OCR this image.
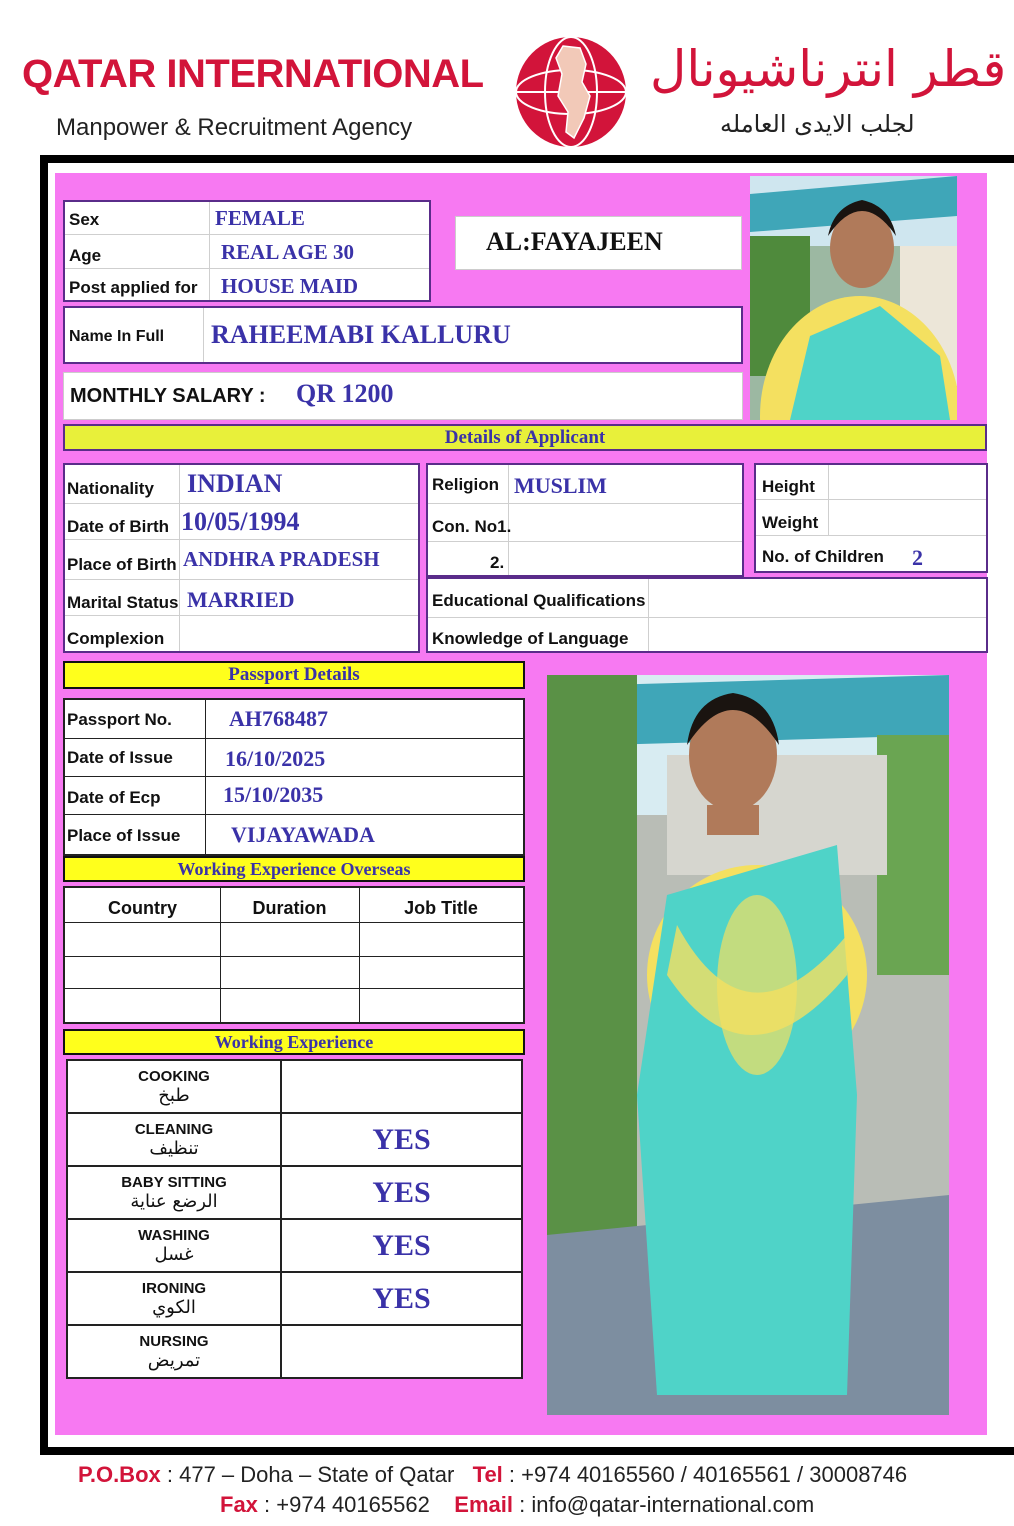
QATAR INTERNATIONAL
Manpower & Recruitment Agency
قطر انترناشيونال
لجلب الايدى العامله
Sex	FEMALE
Age	REAL AGE 30
Post applied for HOUSE MAID
AL:FAYAJEEN
Name In Full RAHEEMABI KALLURU
MONTHLY SALARY : QR 1200
Details of Applicant
Nationality INDIAN
Date of Birth 10/05/1994
Place of Birth ANDHRA PRADESH
Marital Status MARRIED
Complexion
Religion MUSLIM
Con. No1.
2.
Height
Weight
No. of Children 2
Educational Qualifications
Knowledge of Language
Passport Details
Passport No.	AH768487
Date of Issue 16/10/2025
Date of Ecp	15/10/2035
Place of Issue VIJAYAWADA
Working Experience Overseas
Country	Duration	Job Title
Working Experience
COOKING
طبخ	

CLEANING
تنظيف	YES

BABY SITTING
الرضع عناية	YES

WASHING
غسل	YES

IRONING
الكوي	YES

NURSING
تمريض	

P.O.Box : 477 – Doha – State of Qatar Tel : +974 40165560 / 40165561 / 30008746
Fax : +974 40165562 Email : info@qatar-international.com
